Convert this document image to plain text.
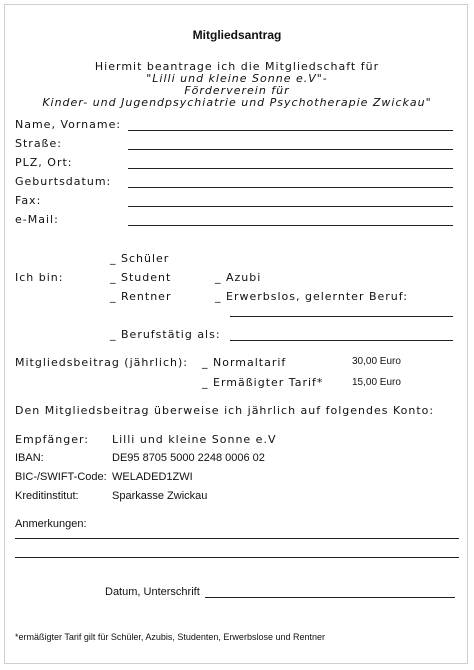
Mitgliedsantrag
Hiermit beantrage ich die Mitgliedschaft für
"Lilli und kleine Sonne e.V"-
Förderverein für
Kinder- und Jugendpsychiatrie und Psychotherapie Zwickau"
Name, Vorname:
Straße:
PLZ, Ort:
Geburtsdatum:
Fax:
e-Mail:
_ Schüler
Ich bin:	_ Student	_ Azubi
_ Rentner	_ Erwerbslos, gelernter Beruf:
_ Berufstätig als:
Mitgliedsbeitrag (jährlich): _ Normaltarif	30,00 Euro
_ Ermäßigter Tarif*	15,00 Euro
Den Mitgliedsbeitrag überweise ich jährlich auf folgendes Konto:
Empfänger: Lilli und kleine Sonne e.V
IBAN:	DE95 8705 5000 2248 0006 02
BIC-/SWIFT-Code: WELADED1ZWI
Kreditinstitut:	Sparkasse Zwickau
Anmerkungen:
Datum, Unterschrift
*ermäßigter Tarif gilt für Schüler, Azubis, Studenten, Erwerbslose und Rentner
